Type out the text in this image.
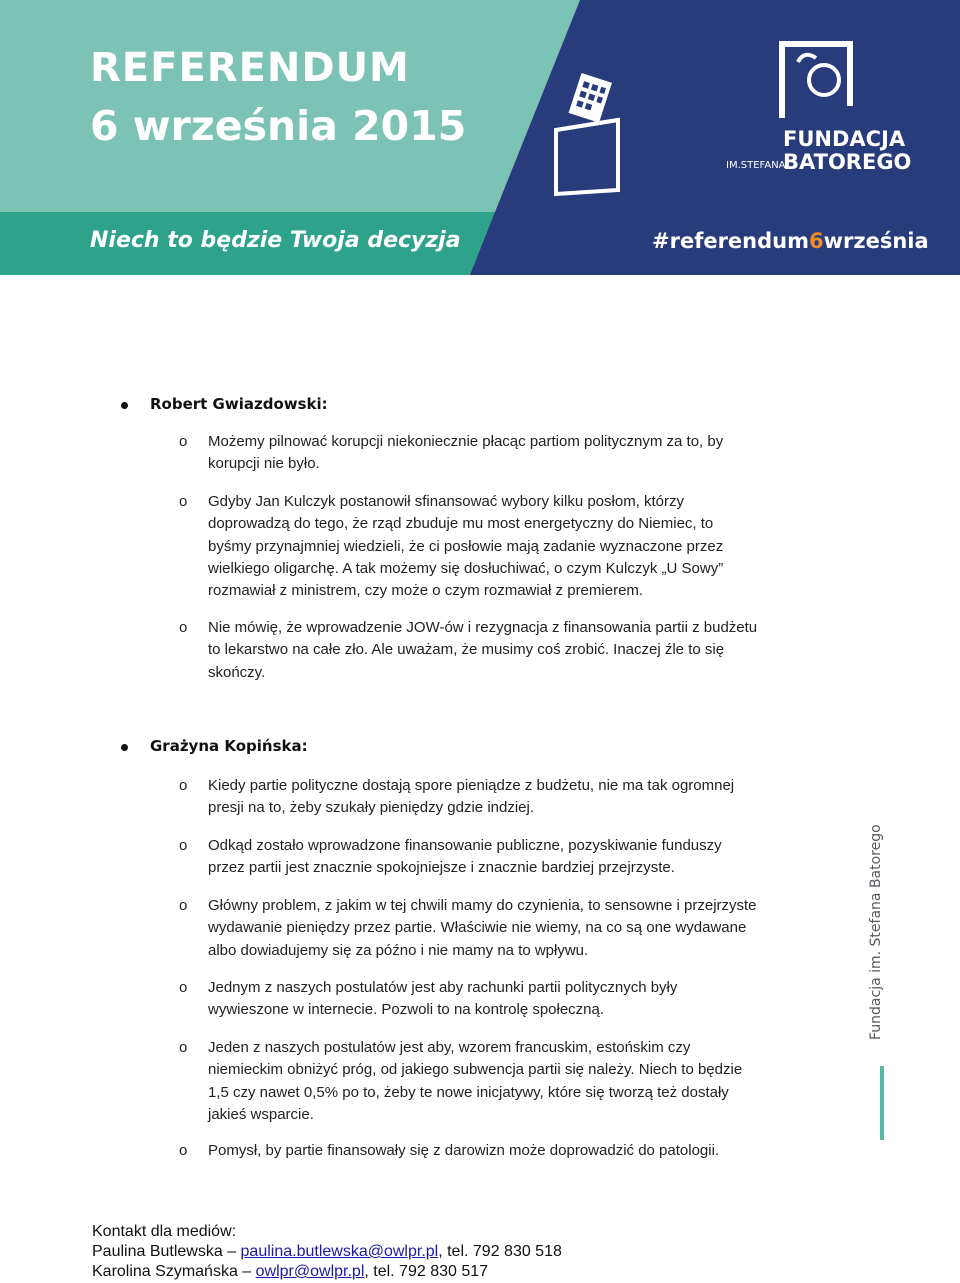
REFERENDUM
6 września 2015
Niech to będzie Twoja decyzja	#referendum6września
FUNDACJA
BATOREGO
IM.STEFANA
Fundacja im. Stefana Batorego
Robert Gwiazdowski:
o Możemy pilnować korupcji niekoniecznie płacąc partiom politycznym za to, by
korupcji nie było.
o Gdyby Jan Kulczyk postanowił sfinansować wybory kilku posłom, którzy
doprowadzą do tego, że rząd zbuduje mu most energetyczny do Niemiec, to
byśmy przynajmniej wiedzieli, że ci posłowie mają zadanie wyznaczone przez
wielkiego oligarchę. A tak możemy się dosłuchiwać, o czym Kulczyk „U Sowy”
rozmawiał z ministrem, czy może o czym rozmawiał z premierem.
o Nie mówię, że wprowadzenie JOW-ów i rezygnacja z finansowania partii z budżetu
to lekarstwo na całe zło. Ale uważam, że musimy coś zrobić. Inaczej źle to się
skończy.
Grażyna Kopińska:
o Kiedy partie polityczne dostają spore pieniądze z budżetu, nie ma tak ogromnej
presji na to, żeby szukały pieniędzy gdzie indziej.
o Odkąd zostało wprowadzone finansowanie publiczne, pozyskiwanie funduszy
przez partii jest znacznie spokojniejsze i znacznie bardziej przejrzyste.
o Główny problem, z jakim w tej chwili mamy do czynienia, to sensowne i przejrzyste
wydawanie pieniędzy przez partie. Właściwie nie wiemy, na co są one wydawane
albo dowiadujemy się za późno i nie mamy na to wpływu.
o Jednym z naszych postulatów jest aby rachunki partii politycznych były
wywieszone w internecie. Pozwoli to na kontrolę społeczną.
o Jeden z naszych postulatów jest aby, wzorem francuskim, estońskim czy
niemieckim obniżyć próg, od jakiego subwencja partii się należy. Niech to będzie
1,5 czy nawet 0,5% po to, żeby te nowe inicjatywy, które się tworzą też dostały
jakieś wsparcie.
o Pomysł, by partie finansowały się z darowizn może doprowadzić do patologii.
Kontakt dla mediów:
Paulina Butlewska – paulina.butlewska@owlpr.pl, tel. 792 830 518
Karolina Szymańska – owlpr@owlpr.pl, tel. 792 830 517
